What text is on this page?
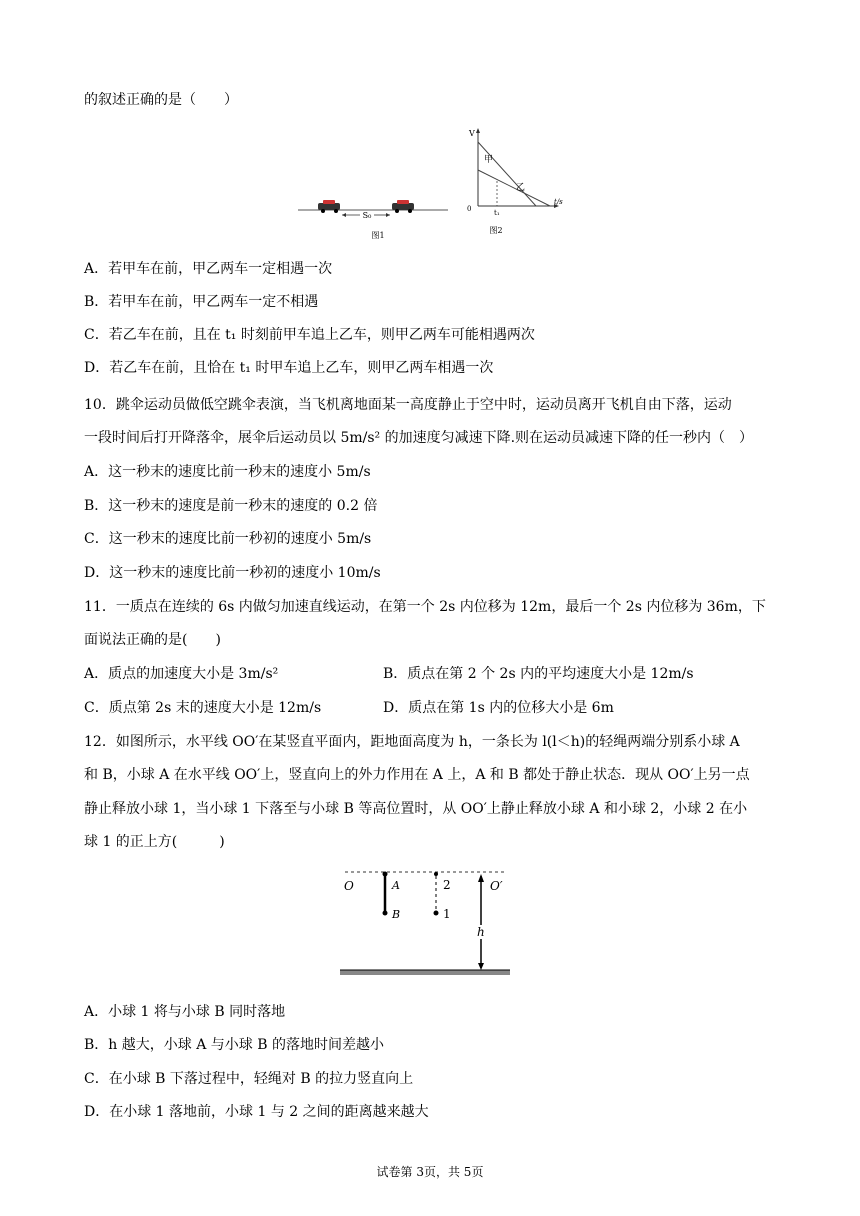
的叙述正确的是（　　）
S₀
图1
V
t/s
0
甲
乙
t₁
图2
A．若甲车在前，甲乙两车一定相遇一次
B．若甲车在前，甲乙两车一定不相遇
C．若乙车在前，且在 t₁ 时刻前甲车追上乙车，则甲乙两车可能相遇两次
D．若乙车在前，且恰在 t₁ 时甲车追上乙车，则甲乙两车相遇一次
10．跳伞运动员做低空跳伞表演，当飞机离地面某一高度静止于空中时，运动员离开飞机自由下落，运动
一段时间后打开降落伞，展伞后运动员以 5m/s² 的加速度匀减速下降.则在运动员减速下降的任一秒内（　）
A．这一秒末的速度比前一秒末的速度小 5m/s
B．这一秒末的速度是前一秒末的速度的 0.2 倍
C．这一秒末的速度比前一秒初的速度小 5m/s
D．这一秒末的速度比前一秒初的速度小 10m/s
11．一质点在连续的 6s 内做匀加速直线运动，在第一个 2s 内位移为 12m，最后一个 2s 内位移为 36m，下
面说法正确的是(　　)
A．质点的加速度大小是 3m/s²	B．质点在第 2 个 2s 内的平均速度大小是 12m/s
C．质点第 2s 末的速度大小是 12m/s	D．质点在第 1s 内的位移大小是 6m
12．如图所示，水平线 OO′在某竖直平面内，距地面高度为 h，一条长为 l(l＜h)的轻绳两端分别系小球 A
和 B，小球 A 在水平线 OO′上，竖直向上的外力作用在 A 上，A 和 B 都处于静止状态．现从 OO′上另一点
静止释放小球 1，当小球 1 下落至与小球 B 等高位置时，从 OO′上静止释放小球 A 和小球 2，小球 2 在小
球 1 的正上方(　　　)
O	O′
A
B
2
1
h
A．小球 1 将与小球 B 同时落地
B．h 越大，小球 A 与小球 B 的落地时间差越小
C．在小球 B 下落过程中，轻绳对 B 的拉力竖直向上
D．在小球 1 落地前，小球 1 与 2 之间的距离越来越大
试卷第 3页，共 5页
